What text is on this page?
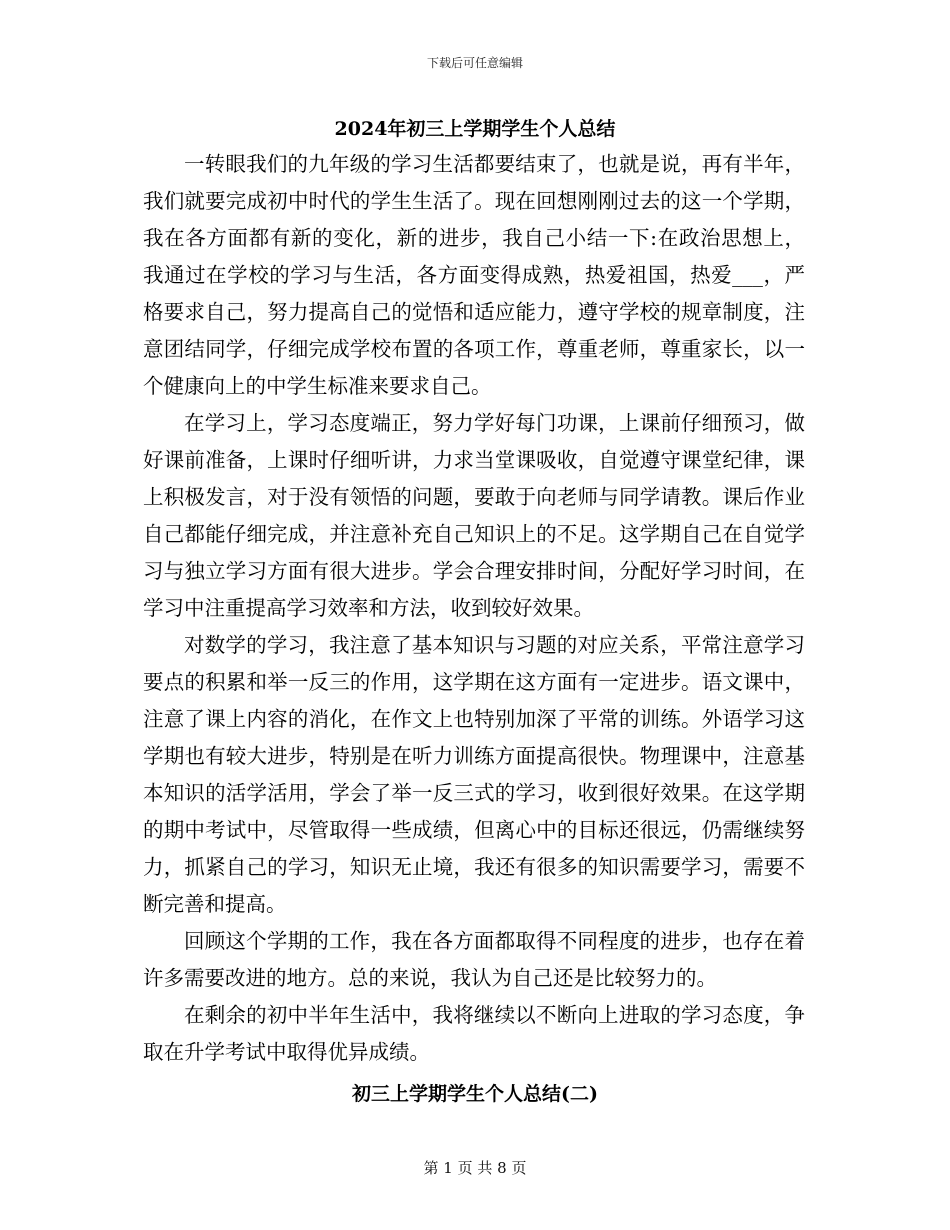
下载后可任意编辑
2024年初三上学期学生个人总结

一转眼我们的九年级的学习生活都要结束了，也就是说，再有半年，我们就要完成初中时代的学生生活了。现在回想刚刚过去的这一个学期，我在各方面都有新的变化，新的进步，我自己小结一下:在政治思想上，我通过在学校的学习与生活，各方面变得成熟，热爱祖国，热爱___，严格要求自己，努力提高自己的觉悟和适应能力，遵守学校的规章制度，注意团结同学，仔细完成学校布置的各项工作，尊重老师，尊重家长，以一个健康向上的中学生标准来要求自己。

在学习上，学习态度端正，努力学好每门功课，上课前仔细预习，做好课前准备，上课时仔细听讲，力求当堂课吸收，自觉遵守课堂纪律，课上积极发言，对于没有领悟的问题，要敢于向老师与同学请教。课后作业自己都能仔细完成，并注意补充自己知识上的不足。这学期自己在自觉学习与独立学习方面有很大进步。学会合理安排时间，分配好学习时间，在学习中注重提高学习效率和方法，收到较好效果。

对数学的学习，我注意了基本知识与习题的对应关系，平常注意学习要点的积累和举一反三的作用，这学期在这方面有一定进步。语文课中，注意了课上内容的消化，在作文上也特别加深了平常的训练。外语学习这学期也有较大进步，特别是在听力训练方面提高很快。物理课中，注意基本知识的活学活用，学会了举一反三式的学习，收到很好效果。在这学期的期中考试中，尽管取得一些成绩，但离心中的目标还很远，仍需继续努力，抓紧自己的学习，知识无止境，我还有很多的知识需要学习，需要不断完善和提高。

回顾这个学期的工作，我在各方面都取得不同程度的进步，也存在着许多需要改进的地方。总的来说，我认为自己还是比较努力的。

在剩余的初中半年生活中，我将继续以不断向上进取的学习态度，争取在升学考试中取得优异成绩。

初三上学期学生个人总结(二)
第 1 页 共 8 页
